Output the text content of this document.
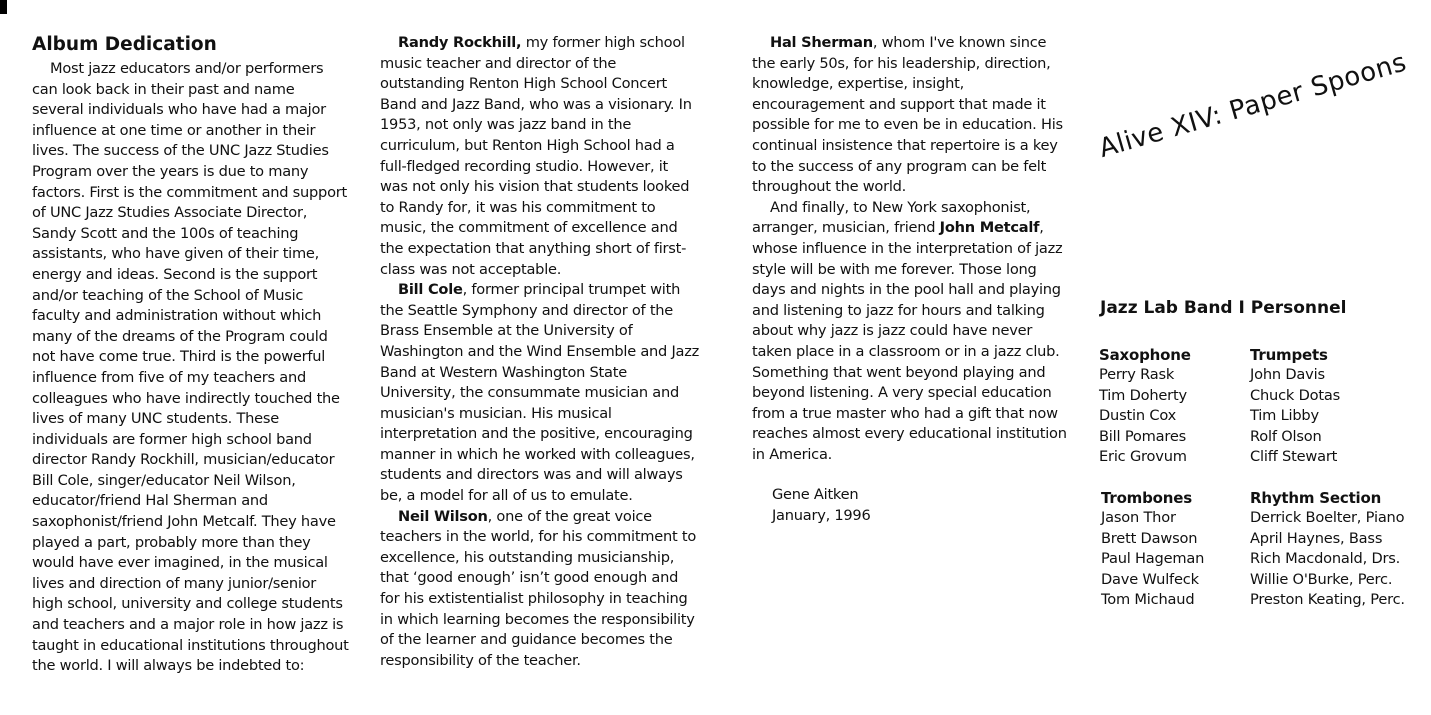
Album Dedication

Most jazz educators and/or performers can look back in their past and name several individuals who have had a major influence at one time or another in their lives. The success of the UNC Jazz Studies Program over the years is due to many factors. First is the commitment and support of UNC Jazz Studies Associate Director, Sandy Scott and the 100s of teaching assistants, who have given of their time, energy and ideas. Second is the support and/or teaching of the School of Music faculty and administration without which many of the dreams of the Program could not have come true. Third is the powerful influence from five of my teachers and colleagues who have indirectly touched the lives of many UNC students. These individuals are former high school band director Randy Rockhill, musician/educator Bill Cole, singer/educator Neil Wilson, educator/friend Hal Sherman and saxophonist/friend John Metcalf. They have played a part, probably more than they would have ever imagined, in the musical lives and direction of many junior/senior high school, university and college students and teachers and a major role in how jazz is taught in educational institutions throughout the world. I will always be indebted to:

Randy Rockhill, my former high school music teacher and director of the outstanding Renton High School Concert Band and Jazz Band, who was a visionary. In 1953, not only was jazz band in the curriculum, but Renton High School had a full-fledged recording studio. However, it was not only his vision that students looked to Randy for, it was his commitment to music, the commitment of excellence and the expectation that anything short of first-class was not acceptable.

Bill Cole, former principal trumpet with the Seattle Symphony and director of the Brass Ensemble at the University of Washington and the Wind Ensemble and Jazz Band at Western Washington State University, the consummate musician and musician's musician. His musical interpretation and the positive, encouraging manner in which he worked with colleagues, students and directors was and will always be, a model for all of us to emulate.

Neil Wilson, one of the great voice teachers in the world, for his commitment to excellence, his outstanding musicianship, that ‘good enough’ isn’t good enough and for his extistentialist philosophy in teaching in which learning becomes the responsibility of the learner and guidance becomes the responsibility of the teacher.

Hal Sherman, whom I've known since the early 50s, for his leadership, direction, knowledge, expertise, insight, encouragement and support that made it possible for me to even be in education. His continual insistence that repertoire is a key to the success of any program can be felt throughout the world.

And finally, to New York saxophonist, arranger, musician, friend John Metcalf, whose influence in the interpretation of jazz style will be with me forever. Those long days and nights in the pool hall and playing and listening to jazz for hours and talking about why jazz is jazz could have never taken place in a classroom or in a jazz club. Something that went beyond playing and beyond listening. A very special education from a true master who had a gift that now reaches almost every educational institution in America.

Gene Aitken
January, 1996
Alive XIV: Paper Spoons
Jazz Lab Band I Personnel
Saxophone
Perry Rask
Tim Doherty
Dustin Cox
Bill Pomares
Eric Grovum
Trumpets
John Davis
Chuck Dotas
Tim Libby
Rolf Olson
Cliff Stewart
Trombones
Jason Thor
Brett Dawson
Paul Hageman
Dave Wulfeck
Tom Michaud
Rhythm Section
Derrick Boelter, Piano
April Haynes, Bass
Rich Macdonald, Drs.
Willie O'Burke, Perc.
Preston Keating, Perc.
